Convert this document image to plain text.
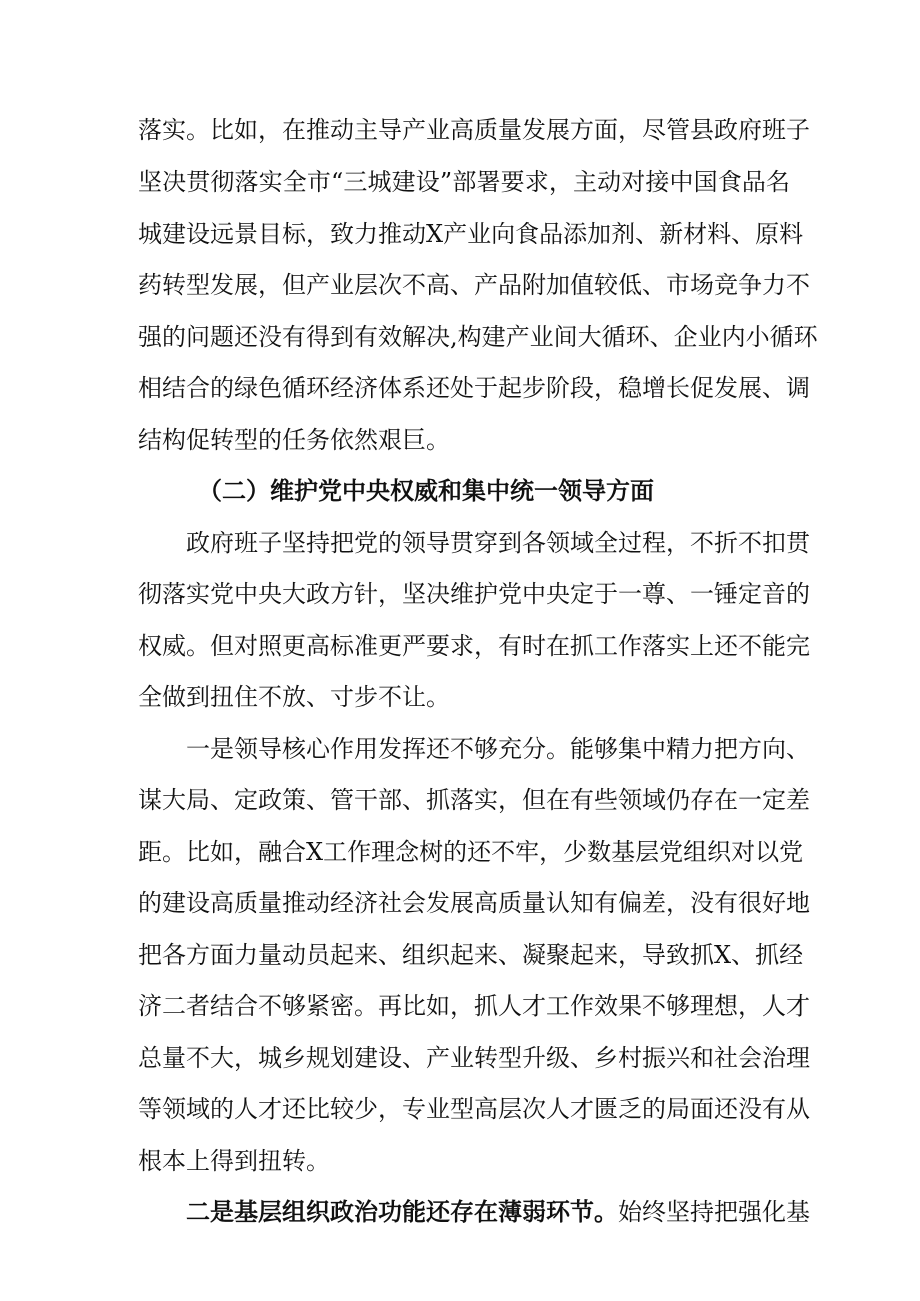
落实。比如，在推动主导产业高质量发展方面，尽管县政府班子
坚决贯彻落实全市“三城建设”部署要求，主动对接中国食品名
城建设远景目标，致力推动X产业向食品添加剂、新材料、原料
药转型发展，但产业层次不高、产品附加值较低、市场竞争力不
强的问题还没有得到有效解决,构建产业间大循环、企业内小循环
相结合的绿色循环经济体系还处于起步阶段，稳增长促发展、调
结构促转型的任务依然艰巨。
（二）维护党中央权威和集中统一领导方面
政府班子坚持把党的领导贯穿到各领域全过程，不折不扣贯
彻落实党中央大政方针，坚决维护党中央定于一尊、一锤定音的
权威。但对照更高标准更严要求，有时在抓工作落实上还不能完
全做到扭住不放、寸步不让。
一是领导核心作用发挥还不够充分。能够集中精力把方向、
谋大局、定政策、管干部、抓落实，但在有些领域仍存在一定差
距。比如，融合X工作理念树的还不牢，少数基层党组织对以党
的建设高质量推动经济社会发展高质量认知有偏差，没有很好地
把各方面力量动员起来、组织起来、凝聚起来，导致抓X、抓经
济二者结合不够紧密。再比如，抓人才工作效果不够理想，人才
总量不大，城乡规划建设、产业转型升级、乡村振兴和社会治理
等领域的人才还比较少，专业型高层次人才匮乏的局面还没有从
根本上得到扭转。
二是基层组织政治功能还存在薄弱环节。始终坚持把强化基
